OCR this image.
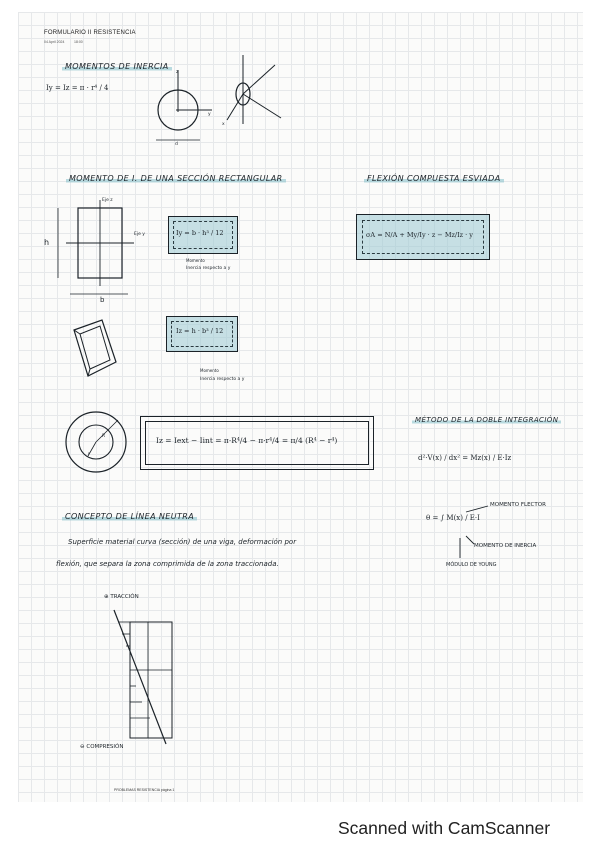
FORMULARIO II RESISTENCIA
04 April 2024	18:00
MOMENTOS DE INERCIA
Iy = Iz = π · r⁴ / 4
z
y
d
x
MOMENTO DE I. DE UNA SECCIÓN RECTANGULAR
h
b
Eje z
Eje y	Iy = b · h³ / 12
Momento
Inercia respecto a y
Iz = h · b³ / 12
Momento
Inercia respecto a y
FLEXIÓN COMPUESTA ESVIADA
σA = N/A + My/Iy · z − Mz/Iz · y
R
r
Iz = Iext − Iint = π·R⁴/4 − π·r⁴/4 = π/4 (R⁴ − r⁴)
MÉTODO DE LA DOBLE INTEGRACIÓN
d²·V(x) / dx² = Mz(x) / E·Iz
θ = ∫ M(x) / E·I
MOMENTO FLECTOR
MOMENTO DE INERCIA
MÓDULO DE YOUNG
CONCEPTO DE LÍNEA NEUTRA
Superficie material curva (sección) de una viga, deformación por
flexión, que separa la zona comprimida de la zona traccionada.
⊕ TRACCIÓN
⊖ COMPRESIÓN
PROBLEMAS RESISTENCIA página 1
Scanned with CamScanner
